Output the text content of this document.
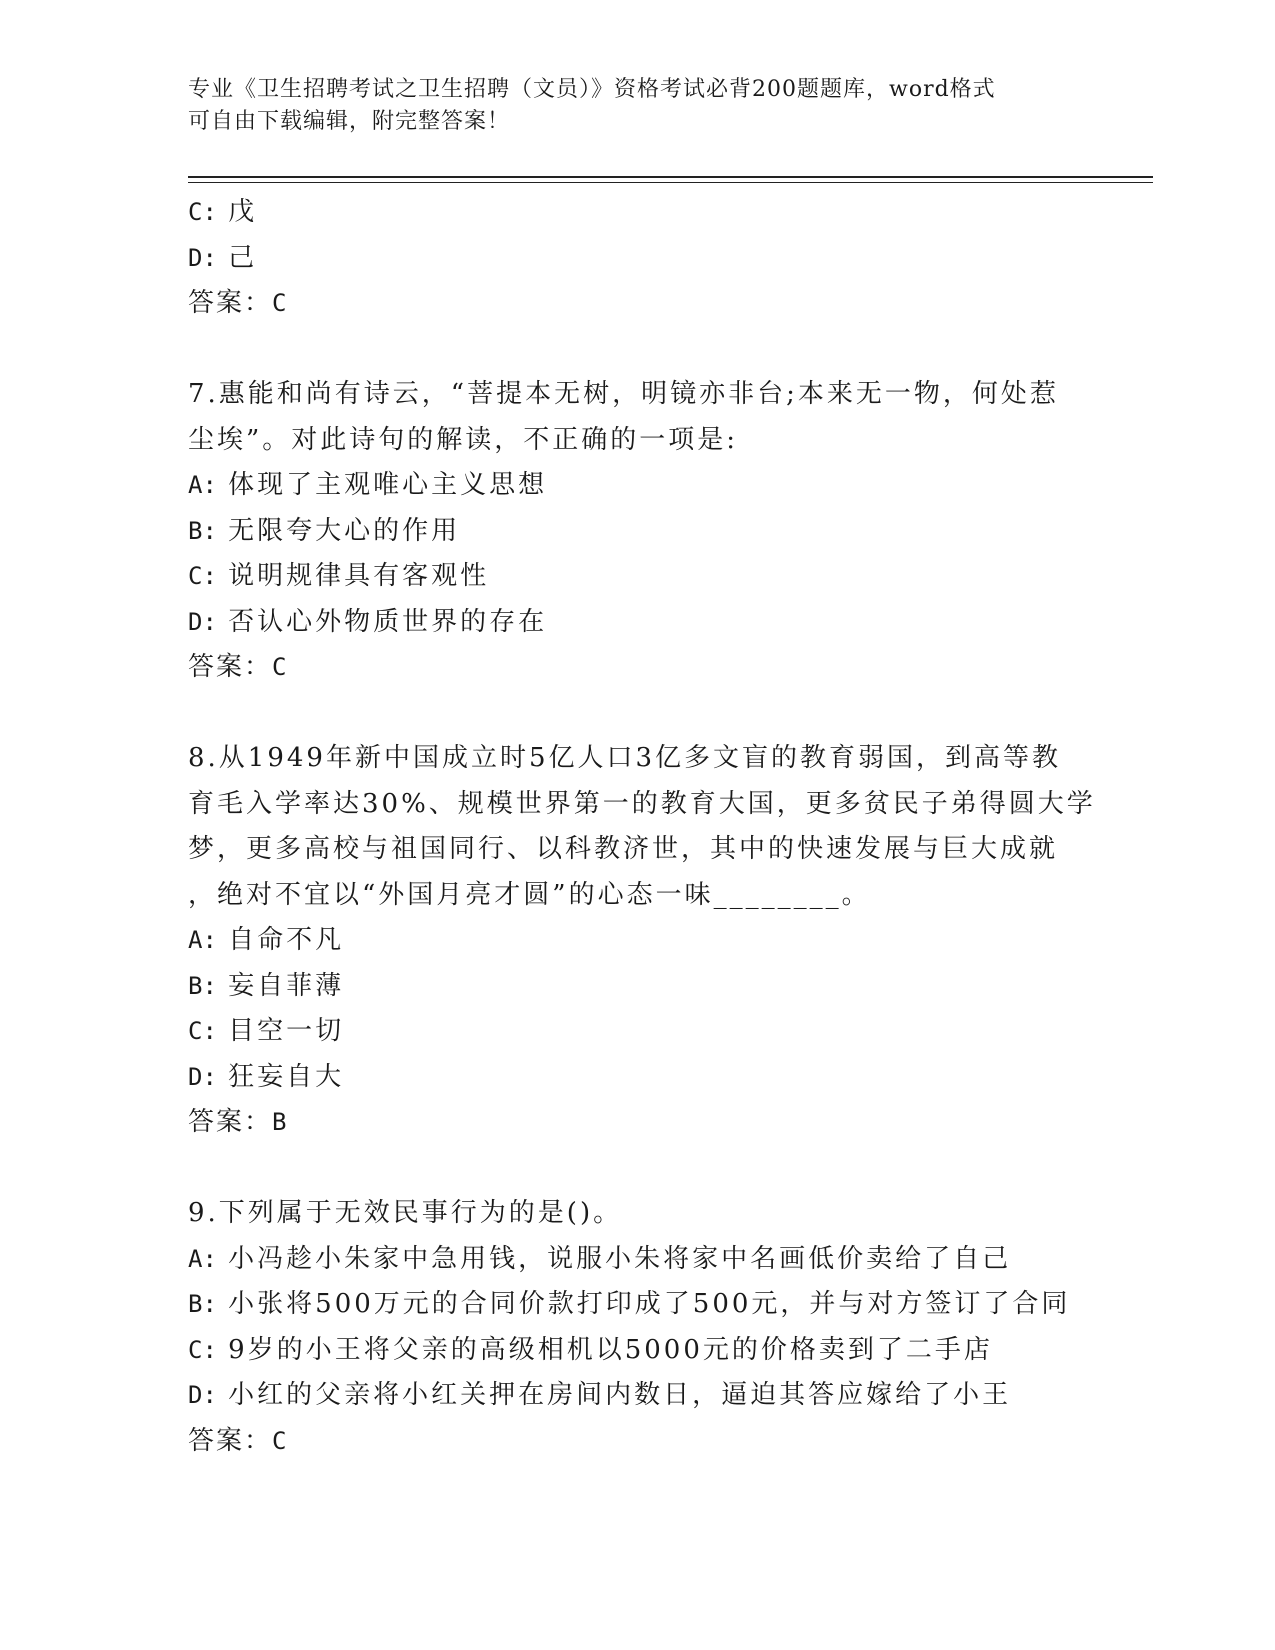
专业《卫生招聘考试之卫生招聘（文员）》资格考试必背200题题库，word格式
可自由下载编辑，附完整答案！
C: 戊
D: 己
答案：C
7.惠能和尚有诗云，“菩提本无树，明镜亦非台;本来无一物，何处惹
尘埃”。对此诗句的解读，不正确的一项是:
A: 体现了主观唯心主义思想
B: 无限夸大心的作用
C: 说明规律具有客观性
D: 否认心外物质世界的存在
答案：C
8.从1949年新中国成立时5亿人口3亿多文盲的教育弱国，到高等教
育毛入学率达30%、规模世界第一的教育大国，更多贫民子弟得圆大学
梦，更多高校与祖国同行、以科教济世，其中的快速发展与巨大成就
，绝对不宜以“外国月亮才圆”的心态一味________。
A: 自命不凡
B: 妄自菲薄
C: 目空一切
D: 狂妄自大
答案：B
9.下列属于无效民事行为的是()。
A: 小冯趁小朱家中急用钱，说服小朱将家中名画低价卖给了自己
B: 小张将500万元的合同价款打印成了500元，并与对方签订了合同
C: 9岁的小王将父亲的高级相机以5000元的价格卖到了二手店
D: 小红的父亲将小红关押在房间内数日，逼迫其答应嫁给了小王
答案：C
